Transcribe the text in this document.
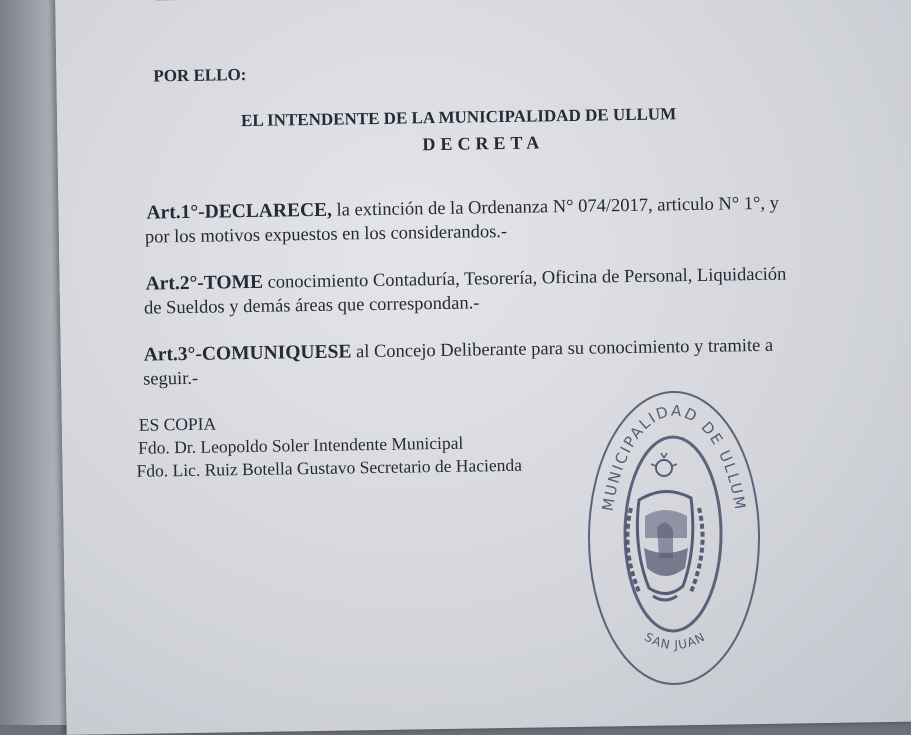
POR ELLO:
EL INTENDENTE DE LA MUNICIPALIDAD DE ULLUM
DECRETA
Art.1°-DECLARECE, la extinción de la Ordenanza N° 074/2017, articulo N° 1°, y
por los motivos expuestos en los considerandos.-
Art.2°-TOME conocimiento Contaduría, Tesorería, Oficina de Personal, Liquidación
de Sueldos y demás áreas que correspondan.-
Art.3°-COMUNIQUESE al Concejo Deliberante para su conocimiento y tramite a
seguir.-
ES COPIA
Fdo. Dr. Leopoldo Soler Intendente Municipal
Fdo. Lic. Ruiz Botella Gustavo Secretario de Hacienda
MUNICIPALIDAD DE ULLUM
SAN JUAN
